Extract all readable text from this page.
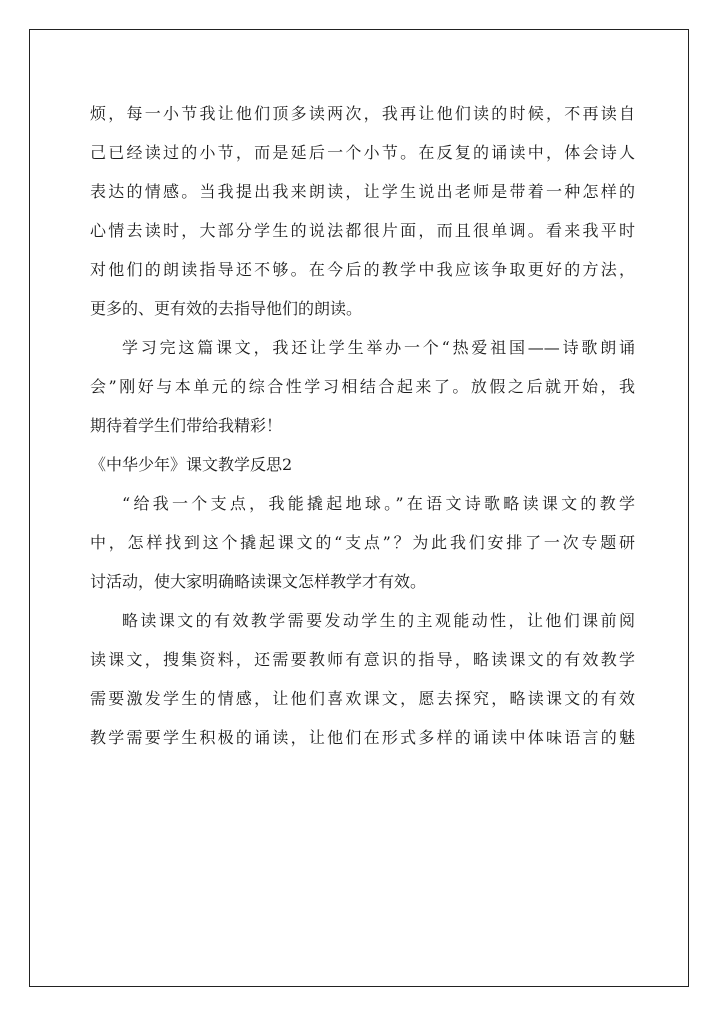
烦，每一小节我让他们顶多读两次，我再让他们读的时候，不再读自
己已经读过的小节，而是延后一个小节。在反复的诵读中，体会诗人
表达的情感。当我提出我来朗读，让学生说出老师是带着一种怎样的
心情去读时，大部分学生的说法都很片面，而且很单调。看来我平时
对他们的朗读指导还不够。在今后的教学中我应该争取更好的方法，
更多的、更有效的去指导他们的朗读。
学习完这篇课文，我还让学生举办一个“热爱祖国——诗歌朗诵
会”刚好与本单元的综合性学习相结合起来了。放假之后就开始，我
期待着学生们带给我精彩！
《中华少年》课文教学反思2
“给我一个支点，我能撬起地球。”在语文诗歌略读课文的教学
中，怎样找到这个撬起课文的“支点”？为此我们安排了一次专题研
讨活动，使大家明确略读课文怎样教学才有效。
略读课文的有效教学需要发动学生的主观能动性，让他们课前阅
读课文，搜集资料，还需要教师有意识的指导，略读课文的有效教学
需要激发学生的情感，让他们喜欢课文，愿去探究，略读课文的有效
教学需要学生积极的诵读，让他们在形式多样的诵读中体味语言的魅
